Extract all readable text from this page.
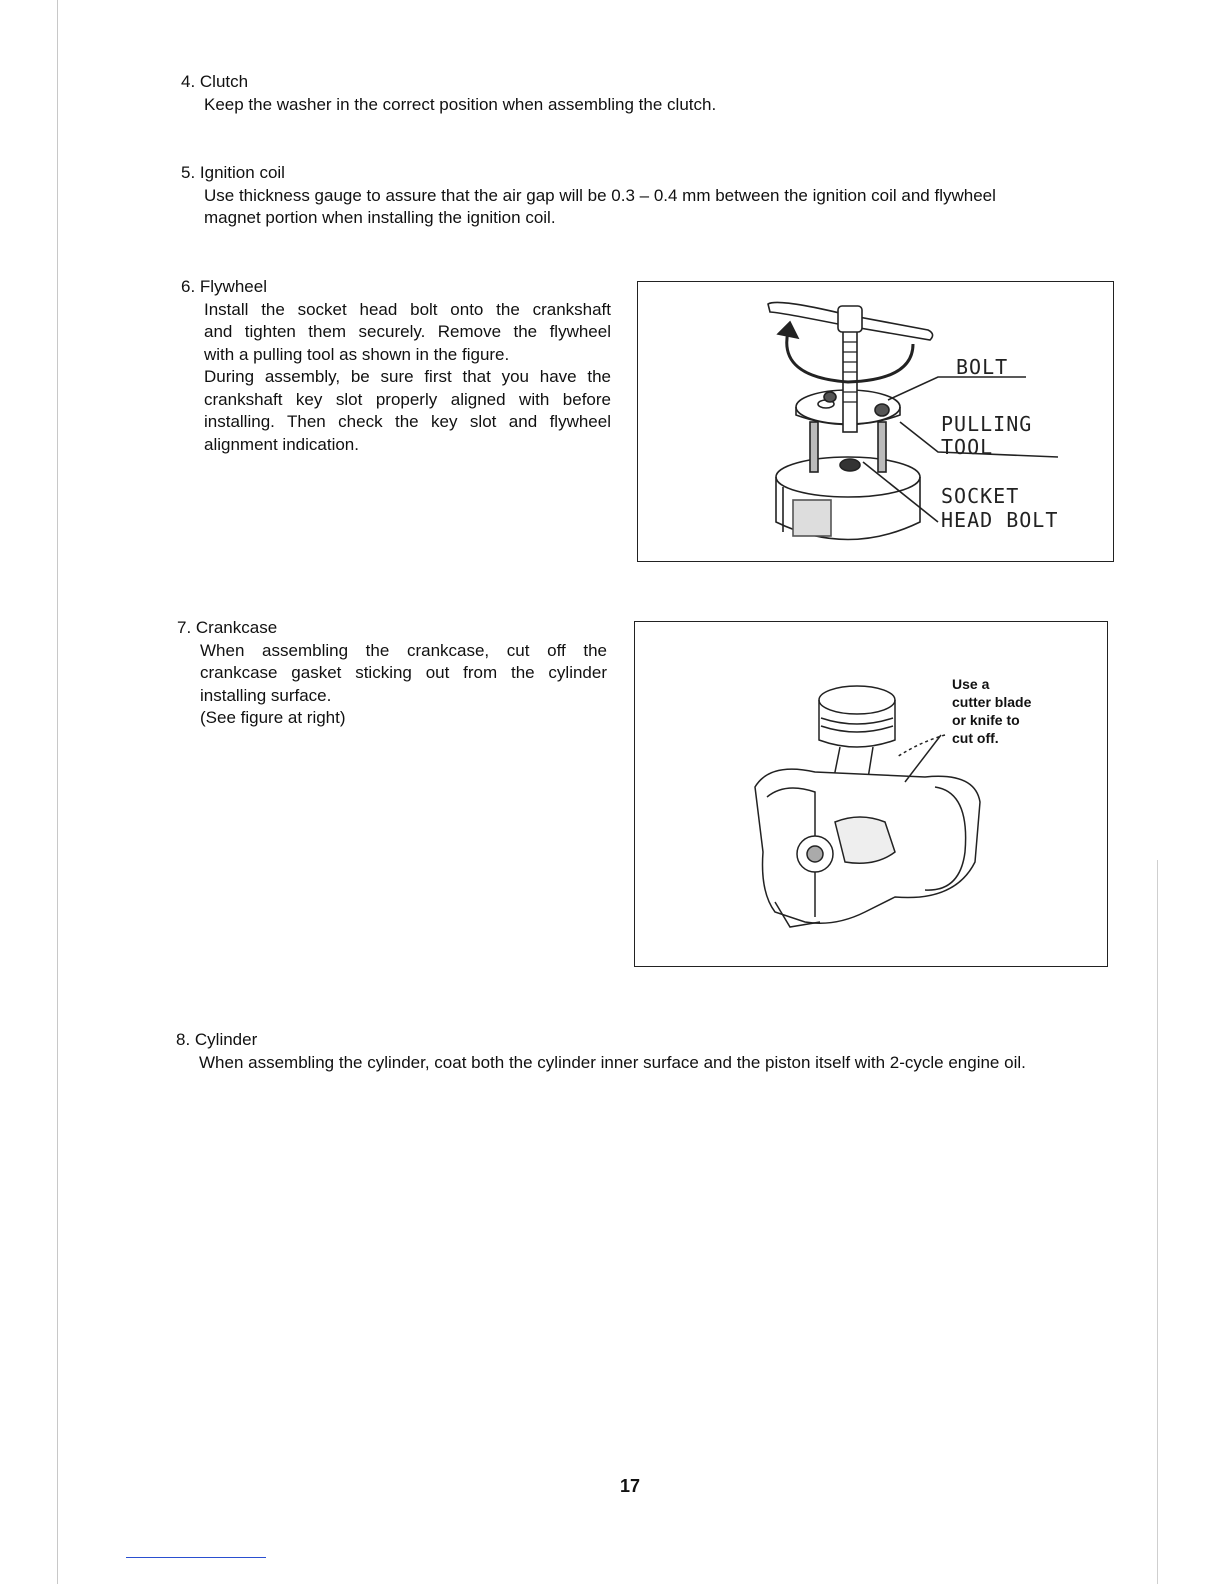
4. Clutch

Keep the washer in the correct position when assembling the clutch.

5. Ignition coil

Use thickness gauge to assure that the air gap will be 0.3 – 0.4 mm between the ignition coil and flywheel

magnet portion when installing the ignition coil.

6. Flywheel

Install the socket head bolt onto the crankshaft

and tighten them securely. Remove the flywheel

with a pulling tool as shown in the figure.

During assembly, be sure first that you have the

crankshaft key slot properly aligned with before

installing. Then check the key slot and flywheel

alignment indication.

BOLT
PULLING
TOOL
SOCKET
HEAD BOLT
7. Crankcase

When assembling the crankcase, cut off the

crankcase gasket sticking out from the cylinder

installing surface.

(See figure at right)

Use a
cutter blade
or knife to
cut off.
8. Cylinder

When assembling the cylinder, coat both the cylinder inner surface and the piston itself with 2-cycle engine oil.

17
